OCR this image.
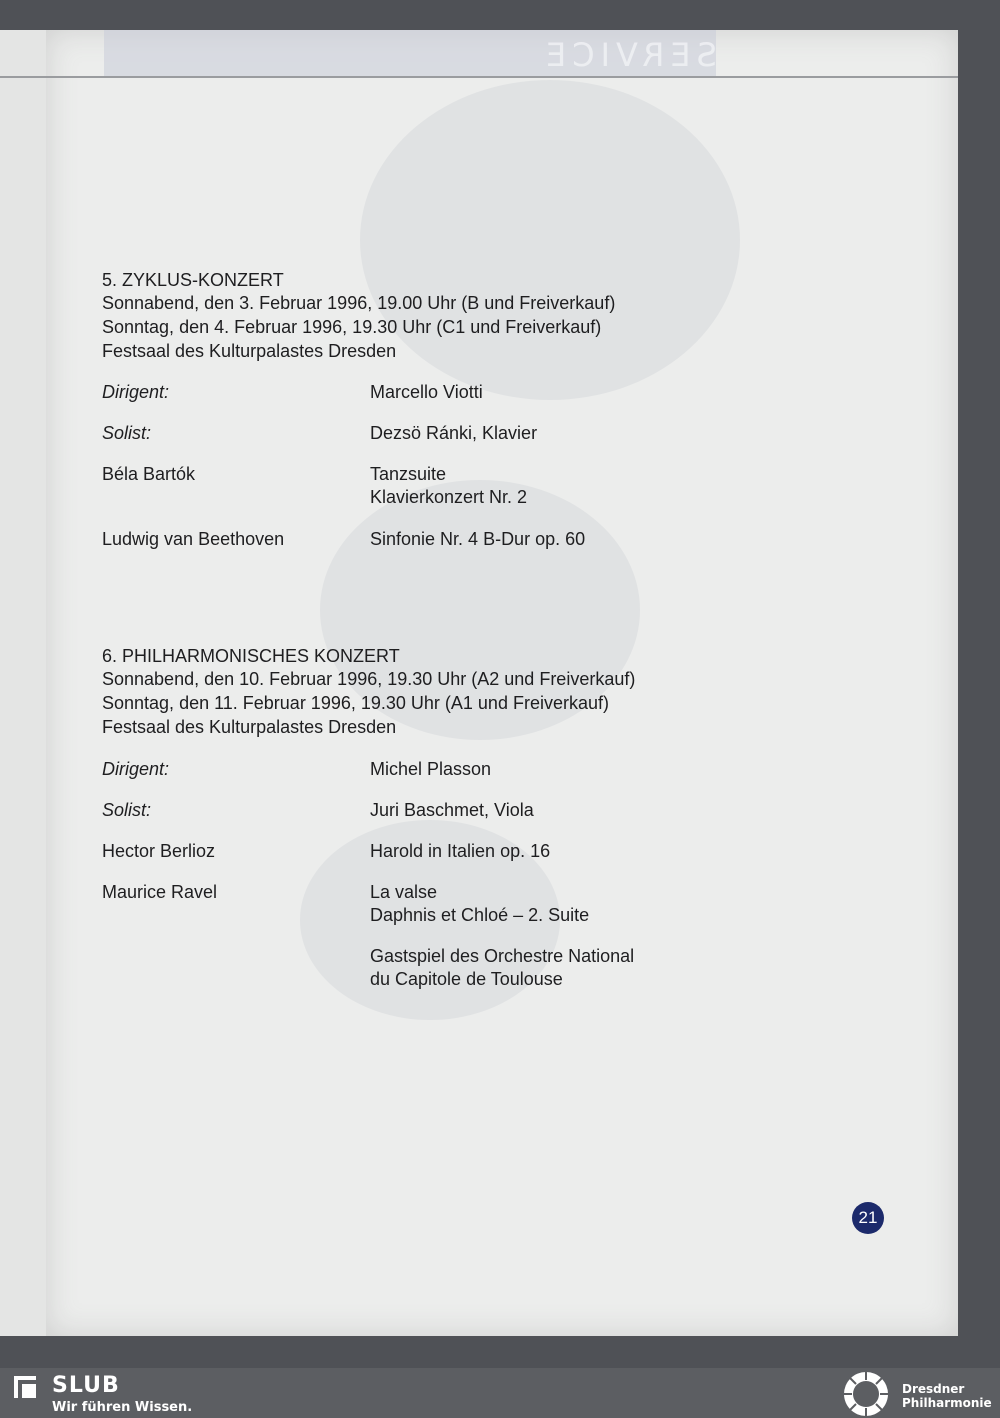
SERVICE
5. ZYKLUS-KONZERT
Sonnabend, den 3. Februar 1996, 19.00 Uhr (B und Freiverkauf)
Sonntag, den 4. Februar 1996, 19.30 Uhr (C1 und Freiverkauf)
Festsaal des Kulturpalastes Dresden
Dirigent:	Marcello Viotti
Solist:	Dezsö Ránki, Klavier
Béla Bartók	Tanzsuite
Klavierkonzert Nr. 2
Ludwig van Beethoven	Sinfonie Nr. 4 B-Dur op. 60
6. PHILHARMONISCHES KONZERT
Sonnabend, den 10. Februar 1996, 19.30 Uhr (A2 und Freiverkauf)
Sonntag, den 11. Februar 1996, 19.30 Uhr (A1 und Freiverkauf)
Festsaal des Kulturpalastes Dresden
Dirigent:	Michel Plasson
Solist:	Juri Baschmet, Viola
Hector Berlioz	Harold in Italien op. 16
Maurice Ravel	La valse
Daphnis et Chloé – 2. Suite
Gastspiel des Orchestre National
du Capitole de Toulouse
21
SLUB
Wir führen Wissen.
Dresdner
Philharmonie
